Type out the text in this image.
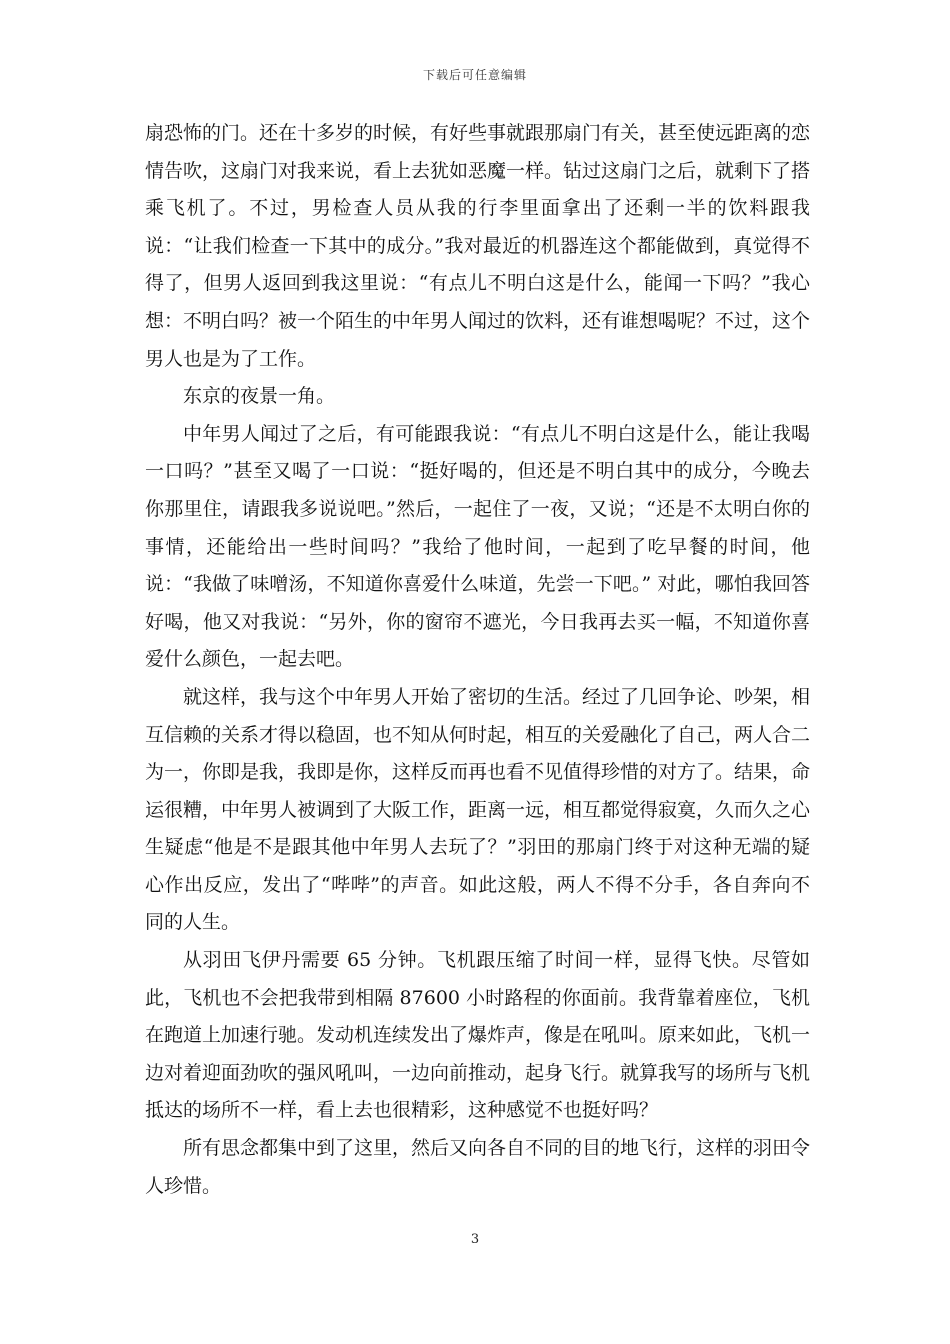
下载后可任意编辑

扇恐怖的门。还在十多岁的时候，有好些事就跟那扇门有关，甚至使远距离的恋情告吹，这扇门对我来说，看上去犹如恶魔一样。钻过这扇门之后，就剩下了搭乘飞机了。不过，男检查人员从我的行李里面拿出了还剩一半的饮料跟我说：“让我们检查一下其中的成分。”我对最近的机器连这个都能做到，真觉得不得了，但男人返回到我这里说：“有点儿不明白这是什么，能闻一下吗？”我心想：不明白吗？被一个陌生的中年男人闻过的饮料，还有谁想喝呢？不过，这个男人也是为了工作。

东京的夜景一角。

中年男人闻过了之后，有可能跟我说：“有点儿不明白这是什么，能让我喝一口吗？”甚至又喝了一口说：“挺好喝的，但还是不明白其中的成分，今晚去你那里住，请跟我多说说吧。”然后，一起住了一夜，又说；“还是不太明白你的事情，还能给出一些时间吗？”我给了他时间，一起到了吃早餐的时间，他说：“我做了味噌汤，不知道你喜爱什么味道，先尝一下吧。” 对此，哪怕我回答好喝，他又对我说：“另外，你的窗帘不遮光，今日我再去买一幅，不知道你喜爱什么颜色，一起去吧。

就这样，我与这个中年男人开始了密切的生活。经过了几回争论、吵架，相互信赖的关系才得以稳固，也不知从何时起，相互的关爱融化了自己，两人合二为一，你即是我，我即是你，这样反而再也看不见值得珍惜的对方了。结果，命运很糟，中年男人被调到了大阪工作，距离一远，相互都觉得寂寞，久而久之心生疑虑“他是不是跟其他中年男人去玩了？”羽田的那扇门终于对这种无端的疑心作出反应，发出了“哔哔”的声音。如此这般，两人不得不分手，各自奔向不同的人生。

从羽田飞伊丹需要 65 分钟。飞机跟压缩了时间一样，显得飞快。尽管如此，飞机也不会把我带到相隔 87600 小时路程的你面前。我背靠着座位，飞机在跑道上加速行驰。发动机连续发出了爆炸声，像是在吼叫。原来如此，飞机一边对着迎面劲吹的强风吼叫，一边向前推动，起身飞行。就算我写的场所与飞机抵达的场所不一样，看上去也很精彩，这种感觉不也挺好吗？

所有思念都集中到了这里，然后又向各自不同的目的地飞行，这样的羽田令人珍惜。

3
